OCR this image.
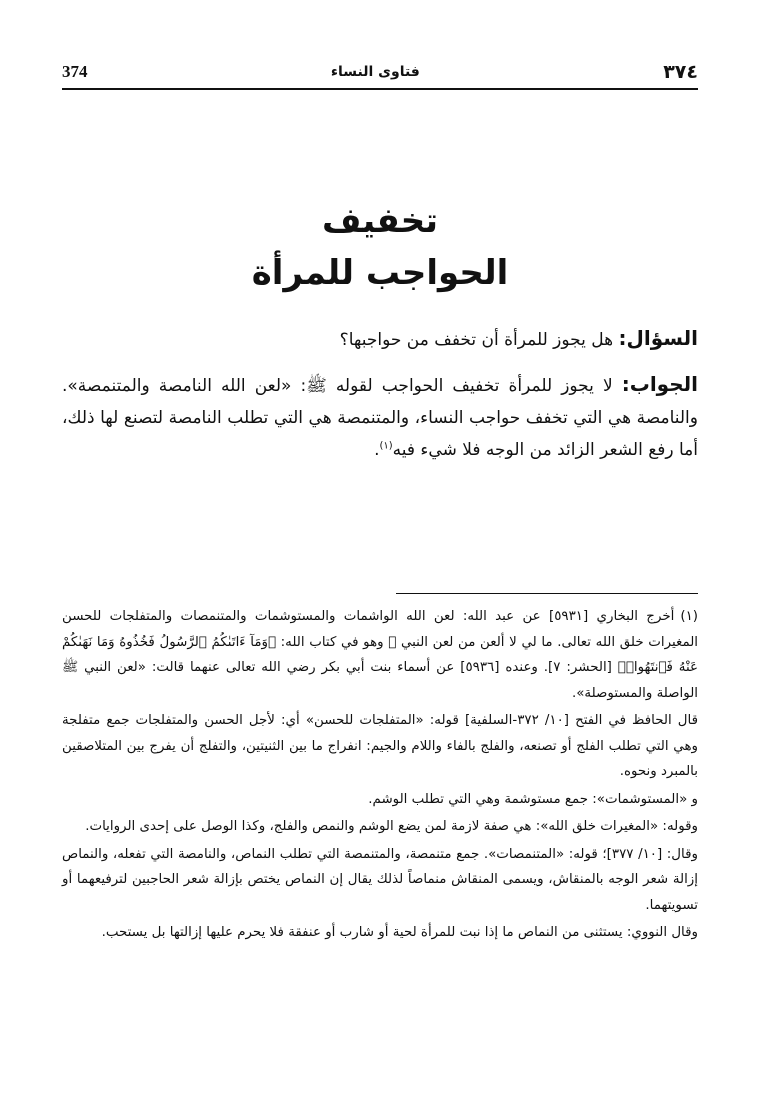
374	فتاوى النساء	٣٧٤
تخفيف
الحواجب للمرأة
السؤال: هل يجوز للمرأة أن تخفف من حواجبها؟
الجواب: لا يجوز للمرأة تخفيف الحواجب لقوله ﷺ: «لعن الله النامصة والمتنمصة». والنامصة هي التي تخفف حواجب النساء، والمتنمصة هي التي تطلب النامصة لتصنع لها ذلك، أما رفع الشعر الزائد من الوجه فلا شيء فيه$^{(١)}$.

(١)أخرج البخاري [٥٩٣١] عن عبد الله: لعن الله الواشمات والمستوشمات والمتنمصات والمتفلجات للحسن المغيرات خلق الله تعالى. ما لي لا ألعن من لعن النبي ﷺ وهو في كتاب الله: ﴿وَمَآ ءَاتَىٰكُمُ ٱلرَّسُولُ فَخُذُوهُ وَمَا نَهَىٰكُمْ عَنْهُ فَٱنتَهُوا۟﴾ [الحشر: ٧]. وعنده [٥٩٣٦] عن أسماء بنت أبي بكر رضي الله تعالى عنهما قالت: «لعن النبي ﷺ الواصلة والمستوصلة».

قال الحافظ في الفتح [١٠/ ٣٧٢-السلفية] قوله: «المتفلجات للحسن» أي: لأجل الحسن والمتفلجات جمع متفلجة وهي التي تطلب الفلج أو تصنعه، والفلج بالفاء واللام والجيم: انفراج ما بين الثنيتين، والتفلج أن يفرج بين المتلاصقين بالمبرد ونحوه.

و «المستوشمات»: جمع مستوشمة وهي التي تطلب الوشم.

وقوله: «المغيرات خلق الله»: هي صفة لازمة لمن يضع الوشم والنمص والفلج، وكذا الوصل على إحدى الروايات.

وقال: [١٠/ ٣٧٧]؛ قوله: «المتنمصات». جمع متنمصة، والمتنمصة التي تطلب النماص، والنامصة التي تفعله، والنماص إزالة شعر الوجه بالمنقاش، ويسمى المنقاش منماصاً لذلك يقال إن النماص يختص بإزالة شعر الحاجبين لترفيعهما أو تسويتهما.

وقال النووي: يستثنى من النماص ما إذا نبت للمرأة لحية أو شارب أو عنفقة فلا يحرم عليها إزالتها بل يستحب.
